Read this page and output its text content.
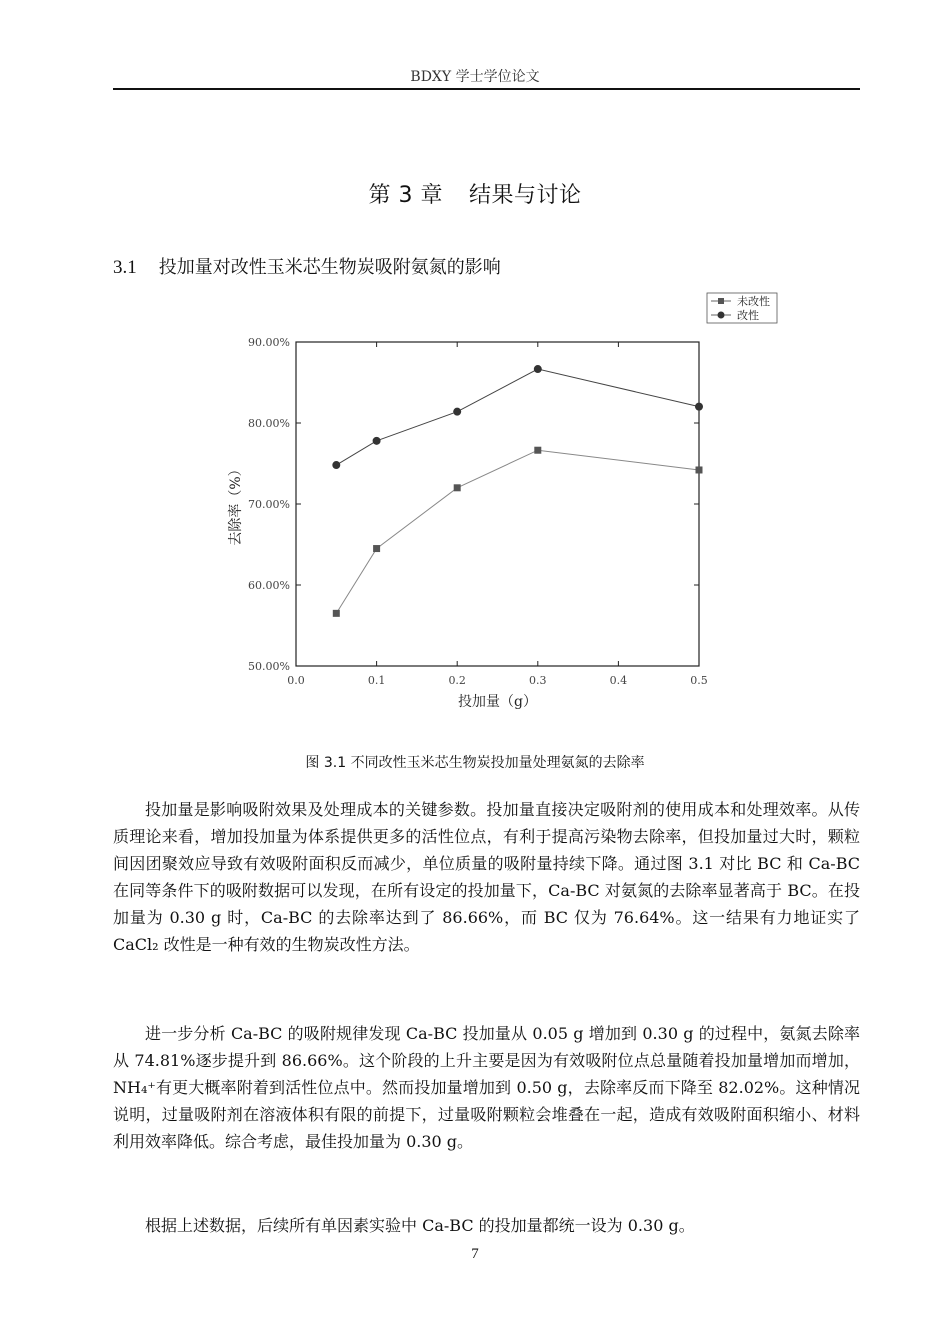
BDXY 学士学位论文
第 3 章 结果与讨论
3.1 投加量对改性玉米芯生物炭吸附氨氮的影响
0.0	0.1	0.2	0.3	0.4	0.5
50.00%
60.00%
70.00%
80.00%
90.00%
投加量（g）
去除率（%）
未改性
改性
图 3.1 不同改性玉米芯生物炭投加量处理氨氮的去除率

投加量是影响吸附效果及处理成本的关键参数。投加量直接决定吸附剂的使用成本和处理效率。从传质理论来看，增加投加量为体系提供更多的活性位点，有利于提高污染物去除率，但投加量过大时，颗粒间因团聚效应导致有效吸附面积反而减少，单位质量的吸附量持续下降。通过图 3.1 对比 BC 和 Ca-BC 在同等条件下的吸附数据可以发现，在所有设定的投加量下，Ca-BC 对氨氮的去除率显著高于 BC。在投加量为 0.30 g 时，Ca-BC 的去除率达到了 86.66%，而 BC 仅为 76.64%。这一结果有力地证实了 CaCl₂ 改性是一种有效的生物炭改性方法。

进一步分析 Ca-BC 的吸附规律发现 Ca-BC 投加量从 0.05 g 增加到 0.30 g 的过程中，氨氮去除率从 74.81%逐步提升到 86.66%。这个阶段的上升主要是因为有效吸附位点总量随着投加量增加而增加，NH₄⁺有更大概率附着到活性位点中。然而投加量增加到 0.50 g，去除率反而下降至 82.02%。这种情况说明，过量吸附剂在溶液体积有限的前提下，过量吸附颗粒会堆叠在一起，造成有效吸附面积缩小、材料利用效率降低。综合考虑，最佳投加量为 0.30 g。

根据上述数据，后续所有单因素实验中 Ca-BC 的投加量都统一设为 0.30 g。

7
